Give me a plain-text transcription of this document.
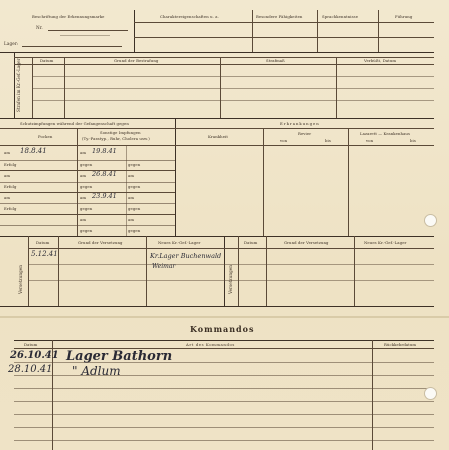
Beschriftung der Erkennungsmarke
Nr.
Lager:
Charaktereigenschaften u. a.	Besondere Fähigkeiten	Sprachkenntnisse	Führung
Strafen im Kr.-Gef.-Lager	Datum	Grund der Bestrafung	Strafmaß	Verbüßt, Datum
Schutzimpfungen während der Gefangenschaft gegen
Pocken
Sonstige Impfungen
(Ty.-Paratyp., Ruhr, Cholera usw.)
am 18.8.41	am 19.8.41
Erfolg	gegen	gegen
am	am 26.8.41	am
Erfolg	gegen	gegen
am	am 23.9.41	am
Erfolg	gegen	gegen
am	am
gegen	gegen
Erkrankungen
Krankheit
Revier
von	bis
Lazarett — Krankenhaus
von	bis
Versetzungen	Versetzungen
Datum	Grund der Versetzung	Neues Kr.-Gef.-Lager	Datum	Grund der Versetzung	Neues Kr.-Gef.-Lager
5.12.41	Kr.Lager Buchenwald
Weimar
Kommandos
Datum	Art des Kommandos	Rückkehrdatum
26.10.41 Lager Bathorn
28.10.41 " Adlum
